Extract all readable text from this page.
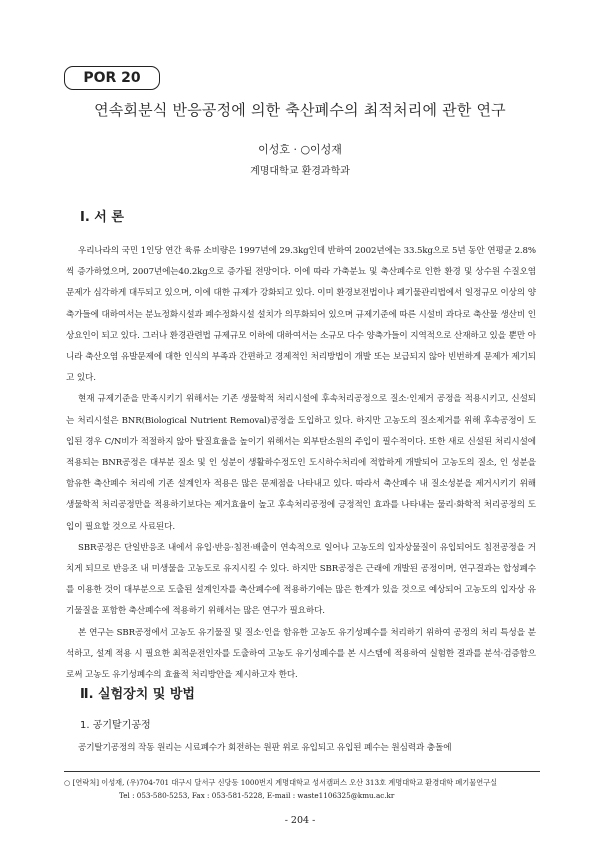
POR 20
연속회분식 반응공정에 의한 축산폐수의 최적처리에 관한 연구
이성호 · ○이성재
계명대학교 환경과학과
Ⅰ. 서 론

우리나라의 국민 1인당 연간 육류 소비량은 1997년에 29.3kg인데 반하여 2002년에는 33.5kg으로 5년 동안 연평균 2.8%씩 증가하였으며, 2007년에는40.2kg으로 증가될 전망이다. 이에 따라 가축분뇨 및 축산폐수로 인한 환경 및 상수원 수질오염문제가 심각하게 대두되고 있으며, 이에 대한 규제가 강화되고 있다. 이미 환경보전법이나 폐기물관리법에서 일정규모 이상의 양축가들에 대하여서는 분뇨정화시설과 폐수정화시설 설치가 의무화되어 있으며 규제기준에 따른 시설비 과다로 축산물 생산비 인상요인이 되고 있다. 그러나 환경관련법 규제규모 이하에 대하여서는 소규모 다수 양축가들이 지역적으로 산재하고 있을 뿐만 아니라 축산오염 유발문제에 대한 인식의 부족과 간편하고 경제적인 처리방법이 개발 또는 보급되지 않아 빈번하게 문제가 제기되고 있다.

현재 규제기준을 만족시키기 위해서는 기존 생물학적 처리시설에 후속처리공정으로 질소·인제거 공정을 적용시키고, 신설되는 처리시설은 BNR(Biological Nutrient Removal)공정을 도입하고 있다. 하지만 고농도의 질소제거를 위해 후속공정이 도입된 경우 C/N비가 적절하지 않아 탈질효율을 높이기 위해서는 외부탄소원의 주입이 필수적이다. 또한 새로 신설된 처리시설에 적용되는 BNR공정은 대부분 질소 및 인 성분이 생활하수정도인 도시하수처리에 적합하게 개발되어 고농도의 질소, 인 성분을 함유한 축산폐수 처리에 기존 설계인자 적용은 많은 문제점을 나타내고 있다. 따라서 축산폐수 내 질소성분을 제거시키기 위해 생물학적 처리공정만을 적용하기보다는 제거효율이 높고 후속처리공정에 긍정적인 효과를 나타내는 물리·화학적 처리공정의 도입이 필요할 것으로 사료된다.

SBR공정은 단일반응조 내에서 유입·반응·침전·배출이 연속적으로 일어나 고농도의 입자상물질이 유입되어도 침전공정을 거치게 되므로 반응조 내 미생물을 고농도로 유지시킬 수 있다. 하지만 SBR공정은 근래에 개발된 공정이며, 연구결과는 합성폐수를 이용한 것이 대부분으로 도출된 설계인자를 축산폐수에 적용하기에는 많은 한계가 있을 것으로 예상되어 고농도의 입자상 유기물질을 포함한 축산폐수에 적용하기 위해서는 많은 연구가 필요하다.

본 연구는 SBR공정에서 고농도 유기물질 및 질소·인을 함유한 고농도 유기성폐수를 처리하기 위하여 공정의 처리 특성을 분석하고, 설계 적용 시 필요한 최적운전인자를 도출하여 고농도 유기성폐수를 본 시스템에 적용하여 실험한 결과를 분석·검증함으로써 고농도 유기성폐수의 효율적 처리방안을 제시하고자 한다.

Ⅱ. 실험장치 및 방법
1. 공기탈기공정

공기탈기공정의 작동 원리는 시료폐수가 회전하는 원판 위로 유입되고 유입된 폐수는 원심력과 충돌에

○ [연락처] 이성재, (우)704-701 대구시 달서구 신당동 1000번지 계명대학교 성서캠퍼스 오산 313호 계명대학교 환경대학 폐기물연구실
Tel : 053-580-5253, Fax : 053-581-5228, E-mail : waste1106325@kmu.ac.kr
- 204 -
